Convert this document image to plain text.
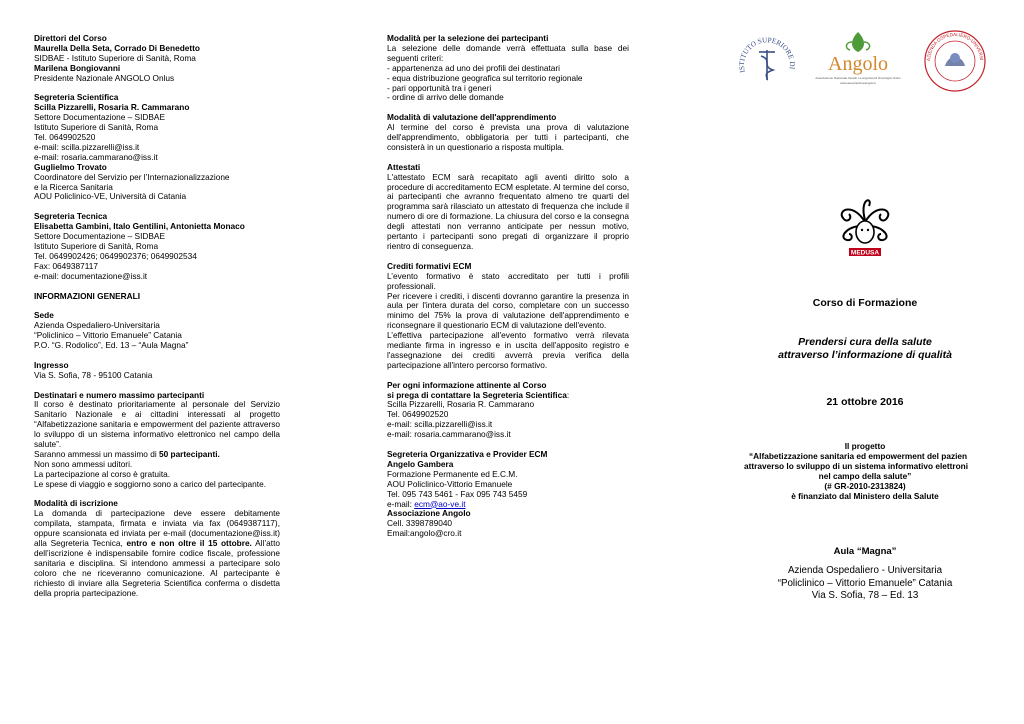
Direttori del Corso

Maurella Della Seta, Corrado Di Benedetto

SIDBAE - Istituto Superiore di Sanità, Roma

Marilena Bongiovanni

Presidente Nazionale ANGOLO Onlus

Segreteria Scientifica

Scilla Pizzarelli, Rosaria R. Cammarano

Settore Documentazione – SIDBAE

Istituto Superiore di Sanità, Roma

Tel. 0649902520

e-mail: scilla.pizzarelli@iss.it

e-mail: rosaria.cammarano@iss.it

Guglielmo Trovato

Coordinatore del Servizio per l’Internazionalizzazione

e la Ricerca Sanitaria

AOU Policlinico-VE, Università di Catania

Segreteria Tecnica

Elisabetta Gambini, Italo Gentilini, Antonietta Monaco

Settore Documentazione – SIDBAE

Istituto Superiore di Sanità, Roma

Tel. 0649902426; 0649902376; 0649902534

Fax: 0649387117

e-mail: documentazione@iss.it

INFORMAZIONI GENERALI

Sede

Azienda Ospedaliero-Universitaria

“Policlinico – Vittorio Emanuele” Catania

P.O. “G. Rodolico”, Ed. 13 – “Aula Magna”

Ingresso

Via S. Sofia, 78 - 95100 Catania

Destinatari e numero massimo partecipanti

Il corso è destinato prioritariamente al personale del Servizio Sanitario Nazionale e ai cittadini interessati al progetto “Alfabetizzazione sanitaria e empowerment del paziente attraverso lo sviluppo di un sistema informativo elettronico nel campo della salute”.

Saranno ammessi un massimo di 50 partecipanti.

Non sono ammessi uditori.

La partecipazione al corso è gratuita.

Le spese di viaggio e soggiorno sono a carico del partecipante.

Modalità di iscrizione

La domanda di partecipazione deve essere debitamente compilata, stampata, firmata e inviata via fax (0649387117), oppure scansionata ed inviata per e-mail (documentazione@iss.it) alla Segreteria Tecnica, entro e non oltre il 15 ottobre. All’atto dell’iscrizione è indispensabile fornire codice fiscale, professione sanitaria e disciplina. Si intendono ammessi a partecipare solo coloro che ne riceveranno comunicazione. Al partecipante è richiesto di inviare alla Segreteria Scientifica conferma o disdetta della propria partecipazione.

Modalità per la selezione dei partecipanti

La selezione delle domande verrà effettuata sulla base dei seguenti criteri:

- appartenenza ad uno dei profili dei destinatari

- equa distribuzione geografica sul territorio regionale

- pari opportunità tra i generi

- ordine di arrivo delle domande

Modalità di valutazione dell'apprendimento

Al termine del corso è prevista una prova di valutazione dell'apprendimento, obbligatoria per tutti i partecipanti, che consisterà in un questionario a risposta multipla.

Attestati

L'attestato ECM sarà recapitato agli aventi diritto solo a procedure di accreditamento ECM espletate. Al termine del corso, ai partecipanti che avranno frequentato almeno tre quarti del programma sarà rilasciato un attestato di frequenza che include il numero di ore di formazione. La chiusura del corso e la consegna degli attestati non verranno anticipate per nessun motivo, pertanto i partecipanti sono pregati di organizzare il proprio rientro di conseguenza.

Crediti formativi ECM

L’evento formativo è stato accreditato per tutti i profili professionali.

Per ricevere i crediti, i discenti dovranno garantire la presenza in aula per l'intera durata del corso, completare con un successo minimo del 75% la prova di valutazione dell'apprendimento e riconsegnare il questionario ECM di valutazione dell'evento.

L’effettiva partecipazione all'evento formativo verrà rilevata mediante firma in ingresso e in uscita dell'apposito registro e l'assegnazione dei crediti avverrà previa verifica della partecipazione all'intero percorso formativo.

Per ogni informazione attinente al Corso

si prega di contattare la Segreteria Scientifica:

Scilla Pizzarelli, Rosaria R. Cammarano

Tel. 0649902520

e-mail: scilla.pizzarelli@iss.it

e-mail: rosaria.cammarano@iss.it

Segreteria Organizzativa e Provider ECM

Angelo Gambera

Formazione Permanente ed E.C.M.

AOU Policlinico-Vittorio Emanuele

Tel. 095 743 5461 - Fax 095 743 5459

e-mail: ecm@ao-ve.it

Associazione Angolo

Cell. 3398789040

Email:angolo@cro.it

ISTITUTO SUPERIORE DI Angolo
Associazione Nazionale Guariti o Lungoviventi Oncologici Onlus
www.associazioneangolo.it
AZIENDA OSPEDALIERO-UNIVERSI
MEDUSA
Corso di Formazione
Prendersi cura della salute
attraverso l’informazione di qualità
21 ottobre 2016
Il progetto
“Alfabetizzazione sanitaria ed empowerment del pazien
attraverso lo sviluppo di un sistema informativo elettroni
nel campo della salute”
(# GR-2010-2313824)
è finanziato dal Ministero della Salute
Aula “Magna”
Azienda Ospedaliero - Universitaria
“Policlinico – Vittorio Emanuele” Catania
Via S. Sofia, 78 – Ed. 13
